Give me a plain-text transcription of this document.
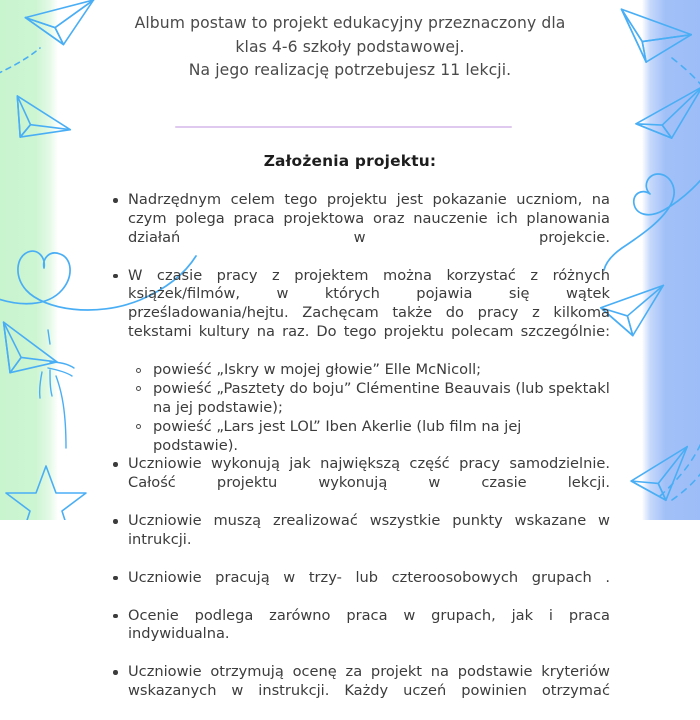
Album postaw to projekt edukacyjny przeznaczony dla
klas 4-6 szkoły podstawowej.
Na jego realizację potrzebujesz 11 lekcji.
Założenia projektu:
Nadrzędnym celem tego projektu jest pokazanie uczniom, na czym polega praca projektowa oraz nauczenie ich planowania działań w projekcie.
W czasie pracy z projektem można korzystać z różnych książek/filmów, w których pojawia się wątek prześladowania/hejtu. Zachęcam także do pracy z kilkoma tekstami kultury na raz. Do tego projektu polecam szczególnie:
powieść „Iskry w mojej głowie” Elle McNicoll;
powieść „Pasztety do boju” Clémentine Beauvais (lub spektakl na jej podstawie);
powieść „Lars jest LOL” Iben Akerlie (lub film na jej podstawie).
Uczniowie wykonują jak największą część pracy samodzielnie. Całość projektu wykonują w czasie lekcji.
Uczniowie muszą zrealizować wszystkie punkty wskazane w intrukcji.
Uczniowie pracują w trzy- lub czteroosobowych grupach .
Ocenie podlega zarówno praca w grupach, jak i praca indywidualna.
Uczniowie otrzymują ocenę za projekt na podstawie kryteriów wskazanych w instrukcji. Każdy uczeń powinien otrzymać
